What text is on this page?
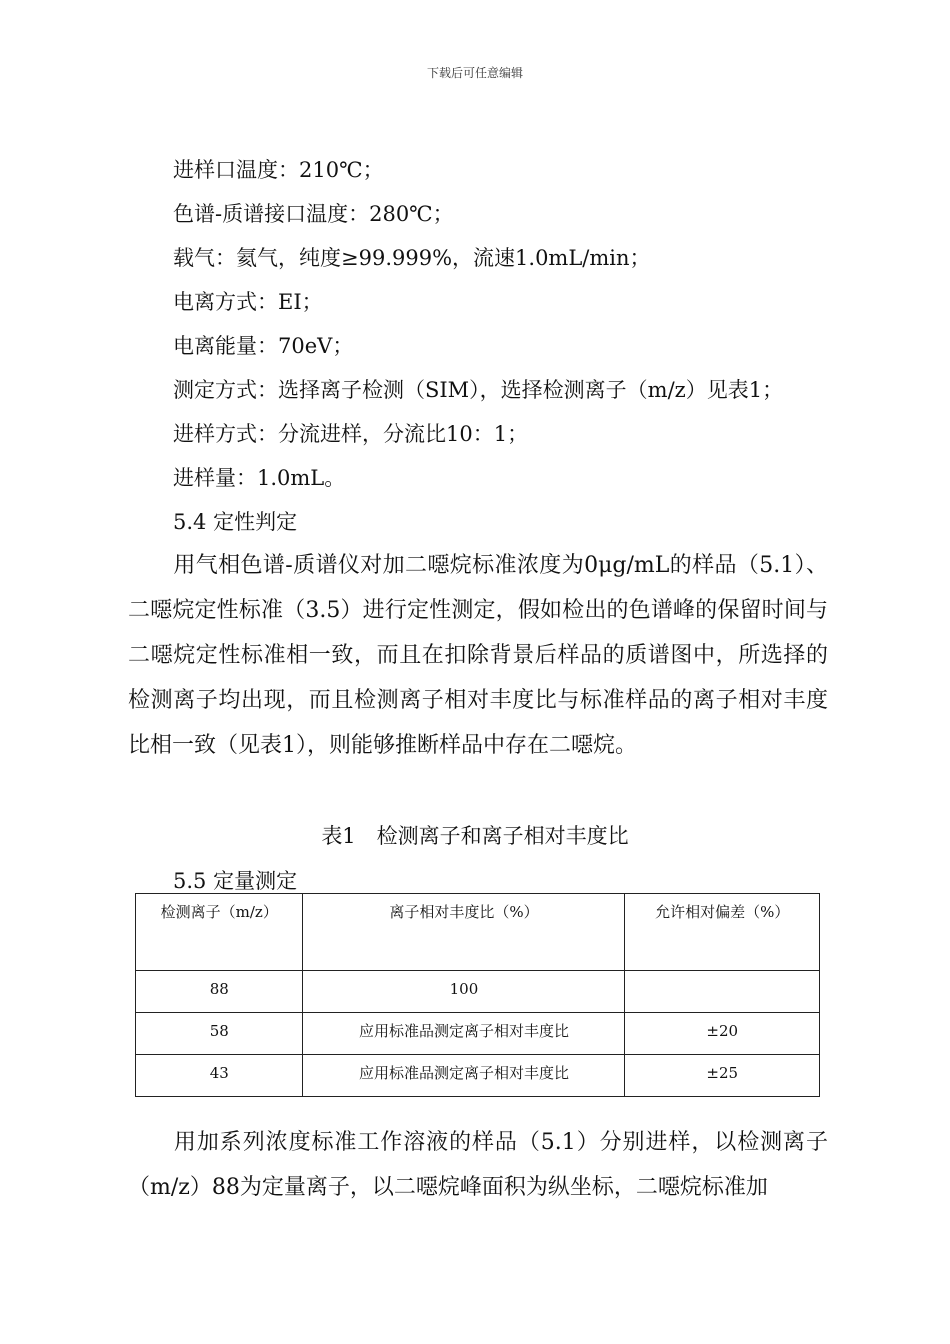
下载后可任意编辑
进样口温度：210℃；
色谱-质谱接口温度：280℃；
载气：氦气，纯度≥99.999%，流速1.0mL/min；
电离方式：EI；
电离能量：70eV；
测定方式：选择离子检测（SIM），选择检测离子（m/z）见表1；
进样方式：分流进样，分流比10：1；
进样量：1.0mL。
5.4 定性判定
用气相色谱-质谱仪对加二噁烷标准浓度为0μg/mL的样品（5.1）、 二噁烷定性标准（3.5）进行定性测定，假如检出的色谱峰的保留时间与二噁烷定性标准相一致，而且在扣除背景后样品的质谱图中，所选择的检测离子均出现，而且检测离子相对丰度比与标准样品的离子相对丰度比相一致（见表1），则能够推断样品中存在二噁烷。
表1　检测离子和离子相对丰度比
5.5 定量测定
检测离子（m/z）	离子相对丰度比（%）	允许相对偏差（%）
88	100	
58	应用标准品测定离子相对丰度比	±20
43	应用标准品测定离子相对丰度比	±25
用加系列浓度标准工作溶液的样品（5.1）分别进样，以检测离子（m/z）88为定量离子，以二噁烷峰面积为纵坐标，二噁烷标准加
